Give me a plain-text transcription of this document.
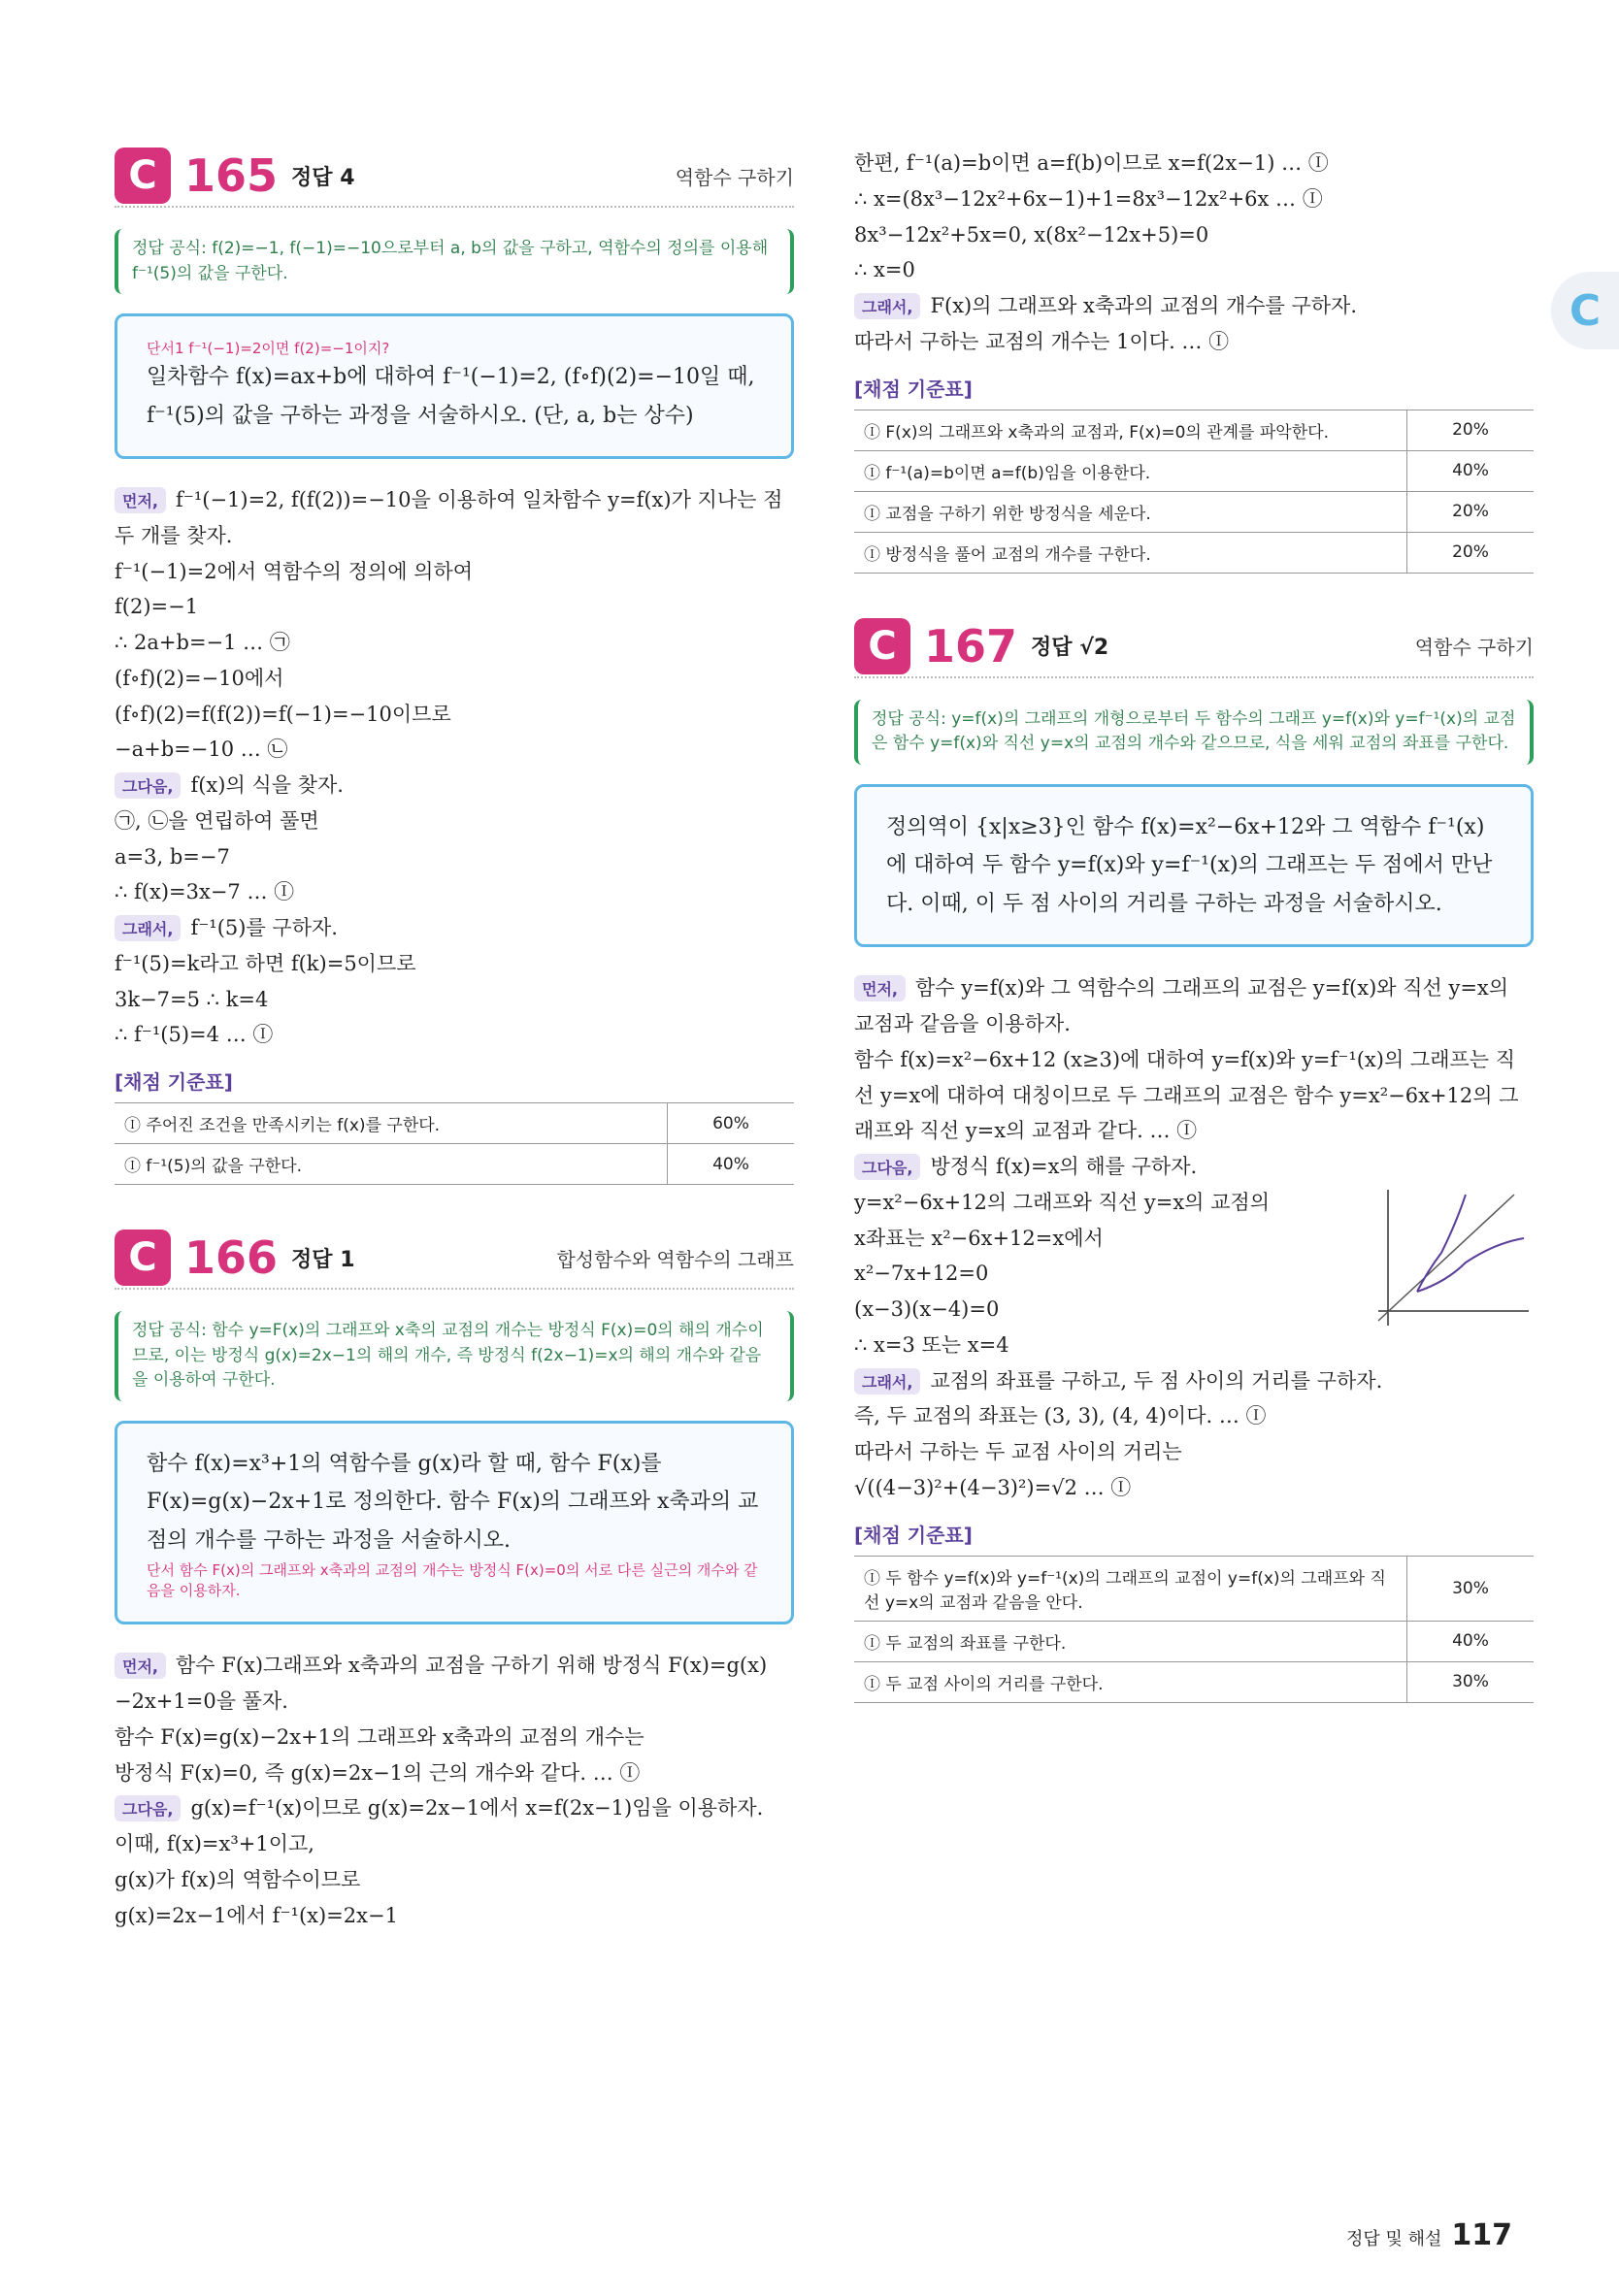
C
C 165 정답 4	역함수 구하기
정답 공식: f(2)=−1, f(−1)=−10으로부터 a, b의 값을 구하고, 역함수의 정의를 이용해 f⁻¹(5)의 값을 구한다.
단서1 f⁻¹(−1)=2이면 f(2)=−1이지?
일차함수 f(x)=ax+b에 대하여 f⁻¹(−1)=2, (f∘f)(2)=−10일 때, f⁻¹(5)의 값을 구하는 과정을 서술하시오. (단, a, b는 상수)
먼저, f⁻¹(−1)=2, f(f(2))=−10을 이용하여 일차함수 y=f(x)가 지나는 점 두 개를 찾자.
f⁻¹(−1)=2에서 역함수의 정의에 의하여
f(2)=−1
∴ 2a+b=−1 … ㉠
(f∘f)(2)=−10에서
(f∘f)(2)=f(f(2))=f(−1)=−10이므로
−a+b=−10 … ㉡
그다음, f(x)의 식을 찾자.
㉠, ㉡을 연립하여 풀면
a=3, b=−7
∴ f(x)=3x−7 … Ⓘ
그래서, f⁻¹(5)를 구하자.
f⁻¹(5)=k라고 하면 f(k)=5이므로
3k−7=5 ∴ k=4
∴ f⁻¹(5)=4 … Ⓘ
[채점 기준표]
Ⓘ 주어진 조건을 만족시키는 f(x)를 구한다.	60%
Ⓘ f⁻¹(5)의 값을 구한다.	40%
C 166 정답 1	합성함수와 역함수의 그래프
정답 공식: 함수 y=F(x)의 그래프와 x축의 교점의 개수는 방정식 F(x)=0의 해의 개수이므로, 이는 방정식 g(x)=2x−1의 해의 개수, 즉 방정식 f(2x−1)=x의 해의 개수와 같음을 이용하여 구한다.
함수 f(x)=x³+1의 역함수를 g(x)라 할 때, 함수 F(x)를 F(x)=g(x)−2x+1로 정의한다. 함수 F(x)의 그래프와 x축과의 교점의 개수를 구하는 과정을 서술하시오.
단서 함수 F(x)의 그래프와 x축과의 교점의 개수는 방정식 F(x)=0의 서로 다른 실근의 개수와 같음을 이용하자.
먼저, 함수 F(x)그래프와 x축과의 교점을 구하기 위해 방정식 F(x)=g(x)−2x+1=0을 풀자.
함수 F(x)=g(x)−2x+1의 그래프와 x축과의 교점의 개수는
방정식 F(x)=0, 즉 g(x)=2x−1의 근의 개수와 같다. … Ⓘ
그다음, g(x)=f⁻¹(x)이므로 g(x)=2x−1에서 x=f(2x−1)임을 이용하자.
이때, f(x)=x³+1이고,
g(x)가 f(x)의 역함수이므로
g(x)=2x−1에서 f⁻¹(x)=2x−1
한편, f⁻¹(a)=b이면 a=f(b)이므로 x=f(2x−1) … Ⓘ
∴ x=(8x³−12x²+6x−1)+1=8x³−12x²+6x … Ⓘ
8x³−12x²+5x=0, x(8x²−12x+5)=0
∴ x=0
그래서, F(x)의 그래프와 x축과의 교점의 개수를 구하자.
따라서 구하는 교점의 개수는 1이다. … Ⓘ
[채점 기준표]
Ⓘ F(x)의 그래프와 x축과의 교점과, F(x)=0의 관계를 파악한다.	20%
Ⓘ f⁻¹(a)=b이면 a=f(b)임을 이용한다.	40%
Ⓘ 교점을 구하기 위한 방정식을 세운다.	20%
Ⓘ 방정식을 풀어 교점의 개수를 구한다.	20%
C 167 정답 √2	역함수 구하기
정답 공식: y=f(x)의 그래프의 개형으로부터 두 함수의 그래프 y=f(x)와 y=f⁻¹(x)의 교점은 함수 y=f(x)와 직선 y=x의 교점의 개수와 같으므로, 식을 세워 교점의 좌표를 구한다.
정의역이 {x|x≥3}인 함수 f(x)=x²−6x+12와 그 역함수 f⁻¹(x)에 대하여 두 함수 y=f(x)와 y=f⁻¹(x)의 그래프는 두 점에서 만난다. 이때, 이 두 점 사이의 거리를 구하는 과정을 서술하시오.
먼저, 함수 y=f(x)와 그 역함수의 그래프의 교점은 y=f(x)와 직선 y=x의 교점과 같음을 이용하자.
함수 f(x)=x²−6x+12 (x≥3)에 대하여 y=f(x)와 y=f⁻¹(x)의 그래프는 직선 y=x에 대하여 대칭이므로 두 그래프의 교점은 함수 y=x²−6x+12의 그래프와 직선 y=x의 교점과 같다. … Ⓘ
그다음, 방정식 f(x)=x의 해를 구하자.
y=x²−6x+12의 그래프와 직선 y=x의 교점의
x좌표는 x²−6x+12=x에서
x²−7x+12=0
(x−3)(x−4)=0
∴ x=3 또는 x=4
그래서, 교점의 좌표를 구하고, 두 점 사이의 거리를 구하자.
즉, 두 교점의 좌표는 (3, 3), (4, 4)이다. … Ⓘ
따라서 구하는 두 교점 사이의 거리는
√((4−3)²+(4−3)²)=√2 … Ⓘ
[채점 기준표]
Ⓘ 두 함수 y=f(x)와 y=f⁻¹(x)의 그래프의 교점이 y=f(x)의 그래프와 직선 y=x의 교점과 같음을 안다.	30%
Ⓘ 두 교점의 좌표를 구한다.	40%
Ⓘ 두 교점 사이의 거리를 구한다.	30%
정답 및 해설 117
